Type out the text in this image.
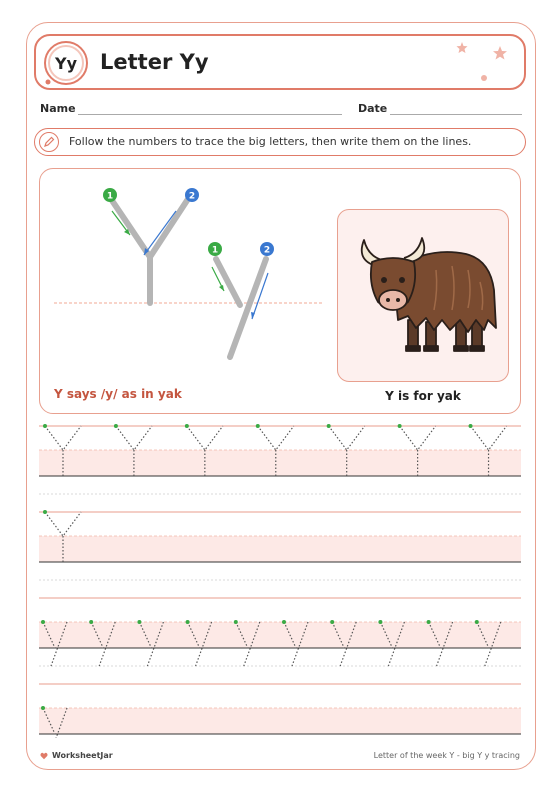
Yy	Letter Yy
Name	Date
Follow the numbers to trace the big letters, then write them on the lines.
1	2
1	2
Y says /y/ as in yak	Y is for yak
WorksheetJar	Letter of the week Y - big Y y tracing
